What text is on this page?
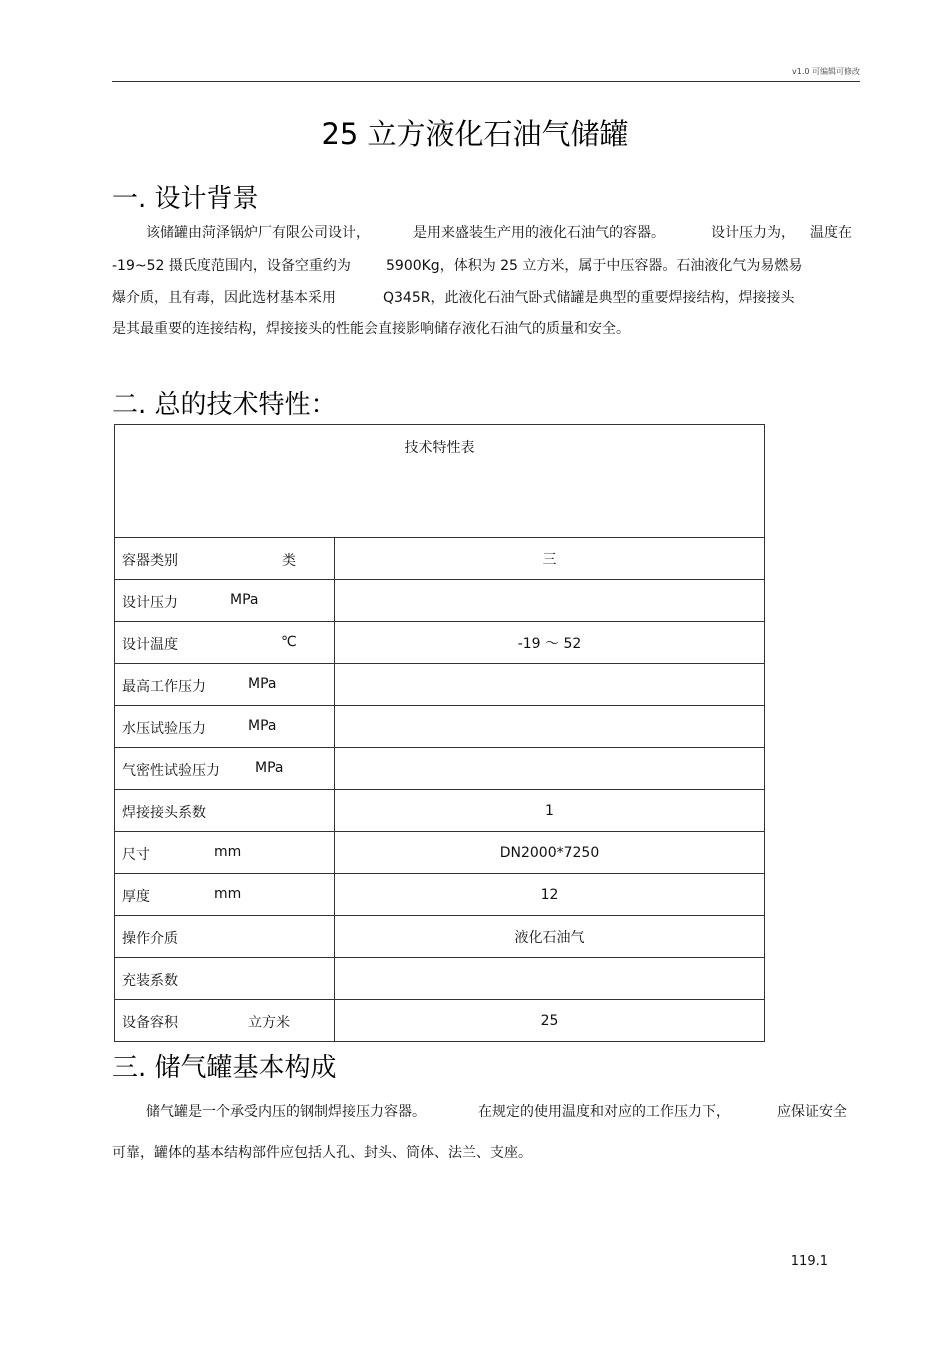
v1.0 可编辑可修改
25 立方液化石油气储罐
一. 设计背景
该储罐由菏泽锅炉厂有限公司设计，	是用来盛装生产用的液化石油气的容器。	设计压力为， 温度在
-19~52 摄氏度范围内，设备空重约为	5900Kg，体积为 25 立方米，属于中压容器。石油液化气为易燃易
爆介质，且有毒，因此选材基本采用	Q345R，此液化石油气卧式储罐是典型的重要焊接结构，焊接接头
是其最重要的连接结构，焊接接头的性能会直接影响储存液化石油气的质量和安全。
二. 总的技术特性：
技术特性表	

容器类别 类	三

设计压力 MPa	

设计温度 ℃	-19 ～ 52

最高工作压力 MPa	

水压试验压力 MPa	

气密性试验压力 MPa	

焊接接头系数	1

尺寸 mm	DN2000*7250

厚度 mm	12

操作介质	液化石油气

充装系数	

设备容积 立方米	25
三. 储气罐基本构成
储气罐是一个承受内压的钢制焊接压力容器。	在规定的使用温度和对应的工作压力下，	应保证安全
可靠，罐体的基本结构部件应包括人孔、封头、筒体、法兰、支座。
119.1
